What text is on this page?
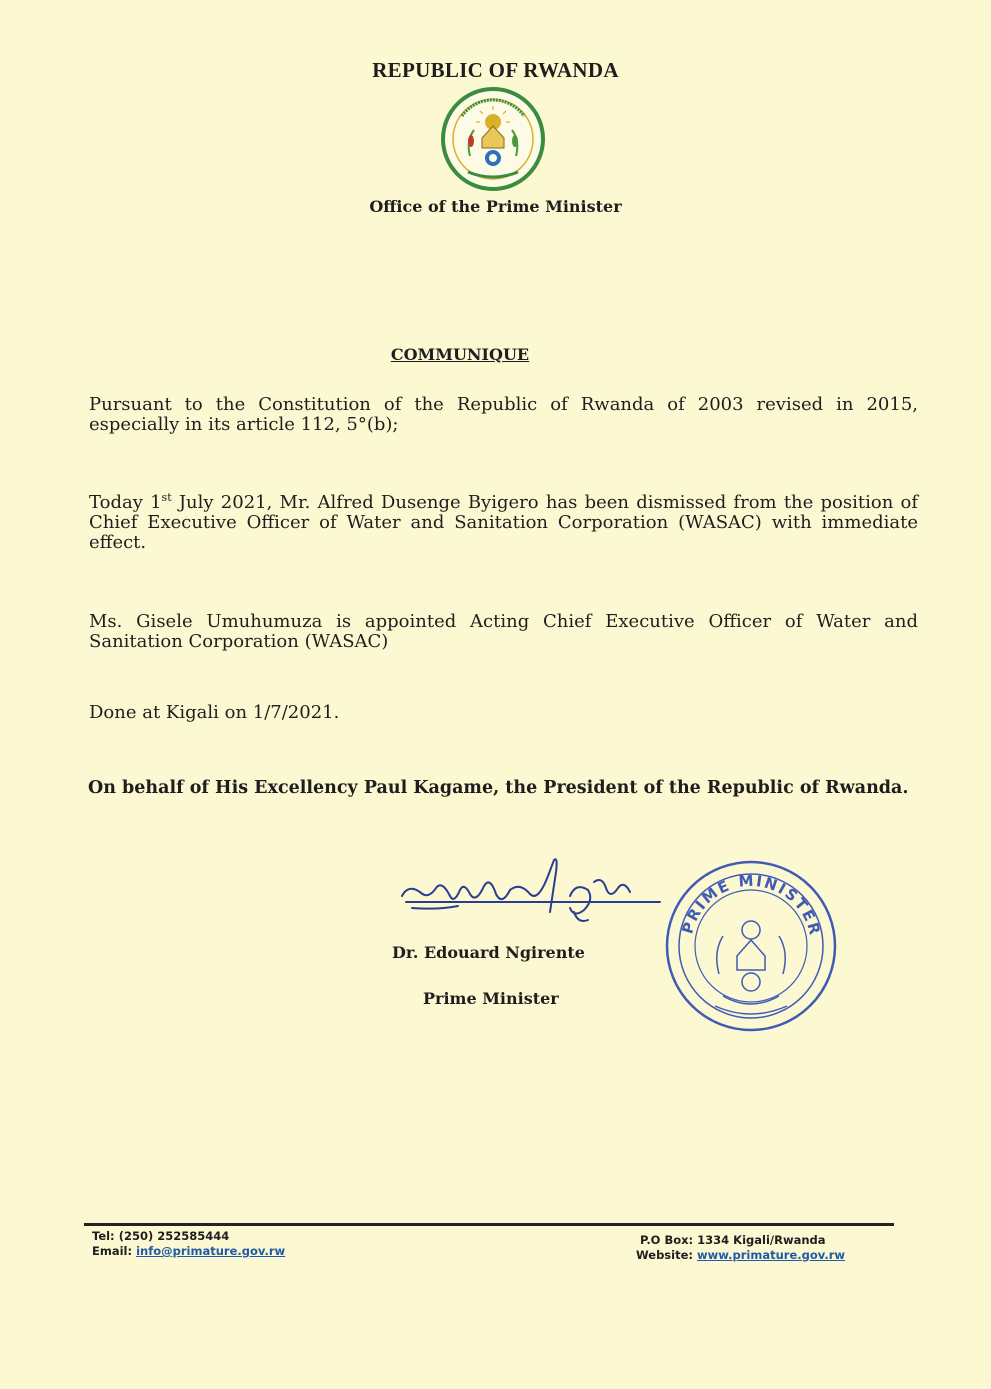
REPUBLIC OF RWANDA
Office of the Prime Minister
COMMUNIQUE
Pursuant to the Constitution of the Republic of Rwanda of 2003 revised in 2015, especially in its article 112, 5°(b);
Today 1st July 2021, Mr. Alfred Dusenge Byigero has been dismissed from the position of Chief Executive Officer of Water and Sanitation Corporation (WASAC) with immediate effect.
Ms. Gisele Umuhumuza is appointed Acting Chief Executive Officer of Water and Sanitation Corporation (WASAC)
Done at Kigali on 1/7/2021.
On behalf of His Excellency Paul Kagame, the President of the Republic of Rwanda.
Dr. Edouard Ngirente
Prime Minister
PRIME MINISTER
Tel: (250) 252585444
Email: info@primature.gov.rw
P.O Box: 1334 Kigali/Rwanda
Website: www.primature.gov.rw
